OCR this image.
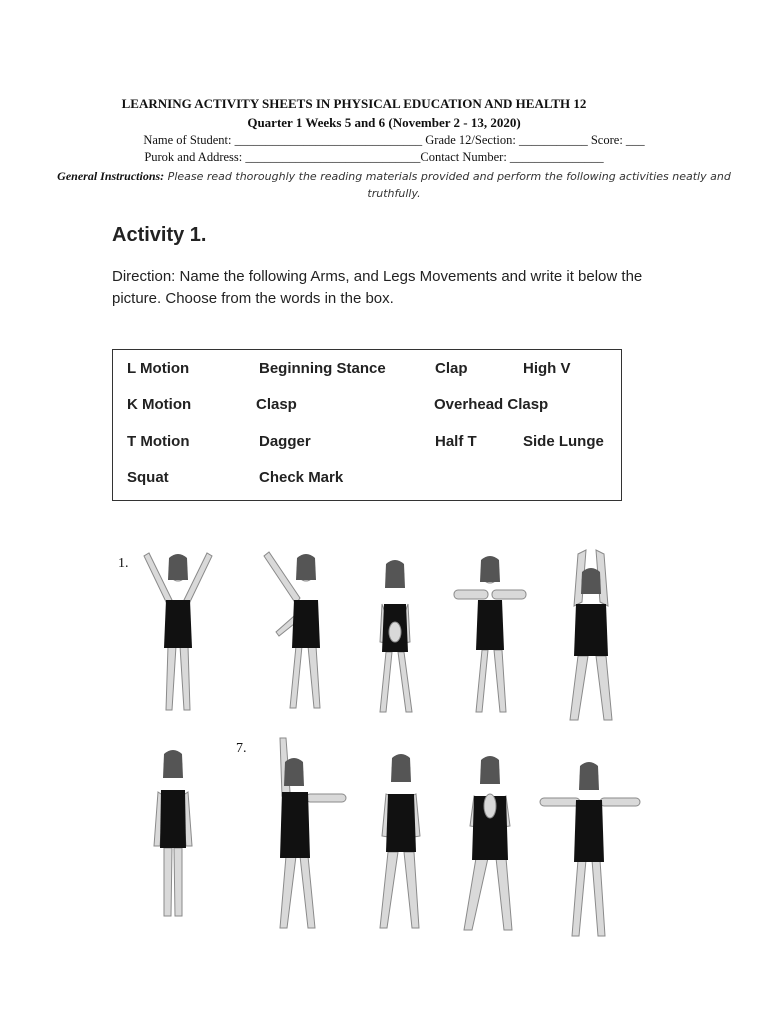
LEARNING ACTIVITY SHEETS IN PHYSICAL EDUCATION AND HEALTH 12
Quarter 1 Weeks 5 and 6 (November 2 - 13, 2020)
Name of Student: ______________________________ Grade 12/Section: ___________ Score: ___
Purok and Address: ____________________________Contact Number: _______________
General Instructions: Please read thoroughly the reading materials provided and perform the following activities neatly and truthfully.
Activity 1.
Direction: Name the following Arms, and Legs Movements and write it below the picture. Choose from the words in the box.
L Motion	Beginning Stance	Clap	High V
K Motion	Clasp	Overhead Clasp
T Motion	Dagger	Half T	Side Lunge
Squat	Check Mark
1.
7.
